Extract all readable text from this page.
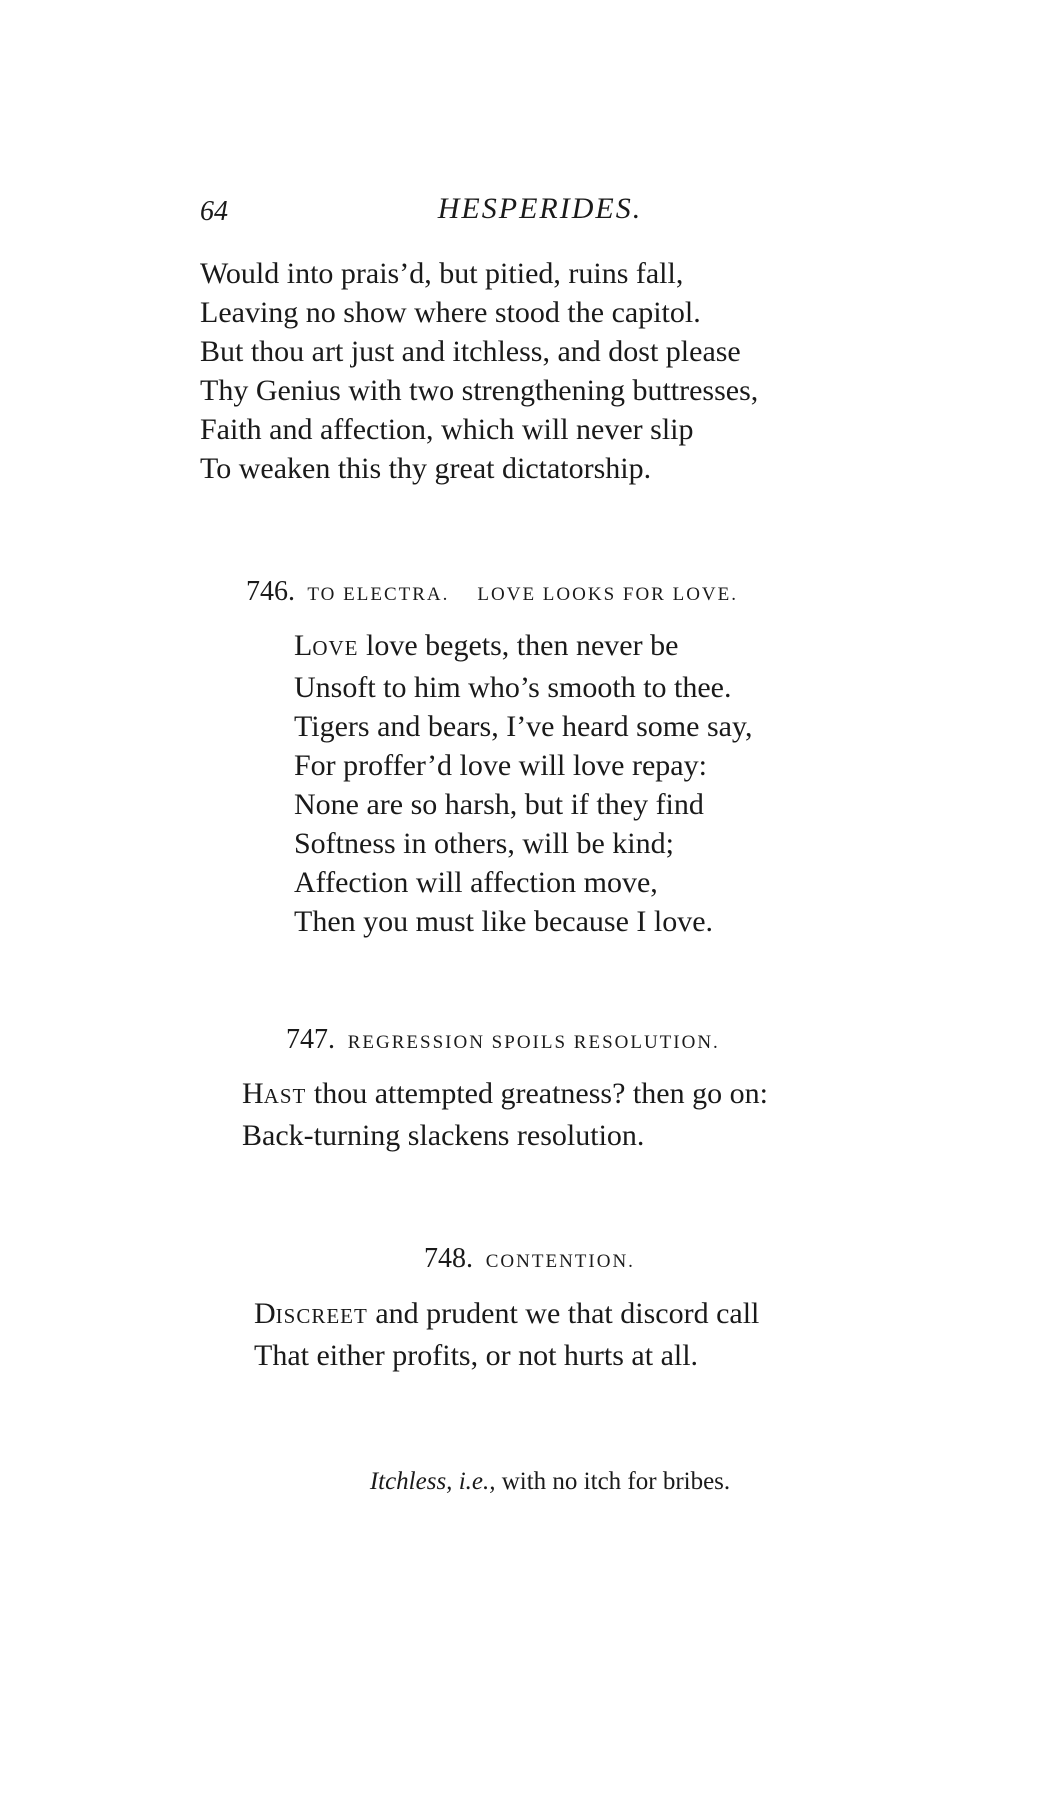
64	HESPERIDES.
Would into prais’d, but pitied, ruins fall,
Leaving no show where stood the capitol.
But thou art just and itchless, and dost please
Thy Genius with two strengthening buttresses,
Faith and affection, which will never slip
To weaken this thy great dictatorship.
746. TO ELECTRA. LOVE LOOKS FOR LOVE.
LOVE love begets, then never be
Unsoft to him who’s smooth to thee.
Tigers and bears, I’ve heard some say,
For proffer’d love will love repay:
None are so harsh, but if they find
Softness in others, will be kind;
Affection will affection move,
Then you must like because I love.
747. REGRESSION SPOILS RESOLUTION.
HAST thou attempted greatness? then go on:
Back-turning slackens resolution.
748. CONTENTION.
DISCREET and prudent we that discord call
That either profits, or not hurts at all.
Itchless, i.e., with no itch for bribes.
